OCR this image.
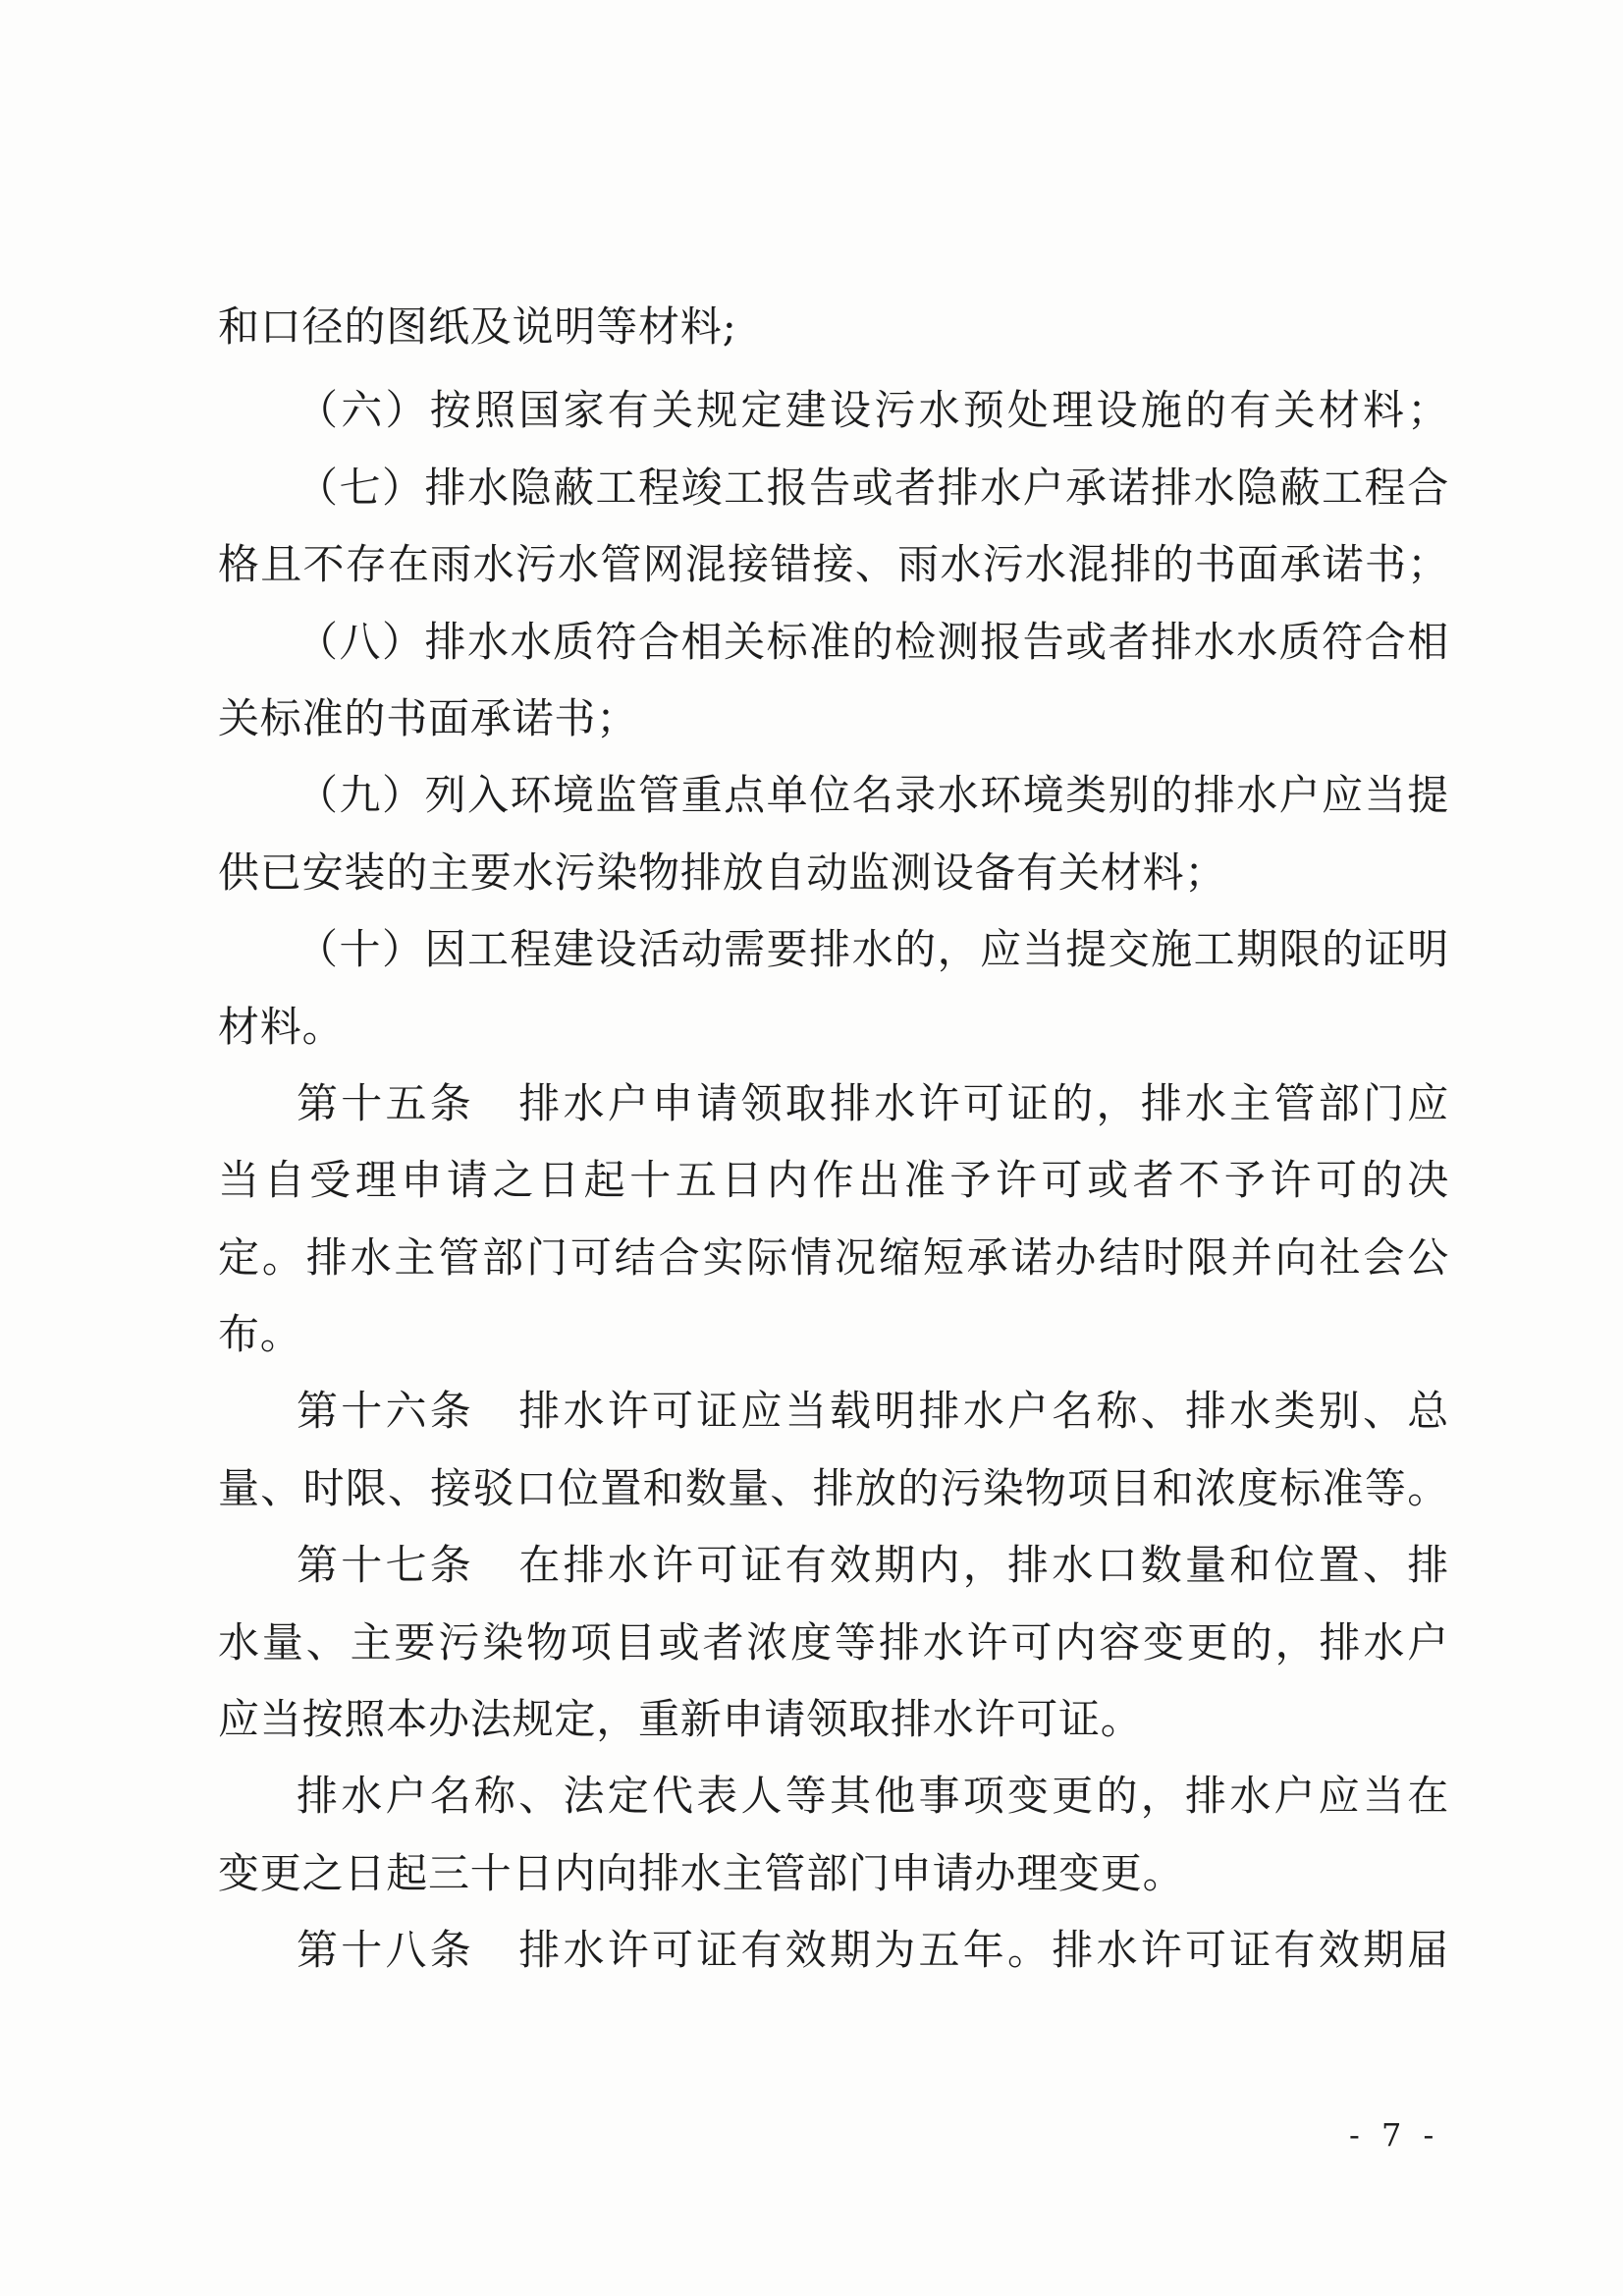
和口径的图纸及说明等材料;
（六）按照国家有关规定建设污水预处理设施的有关材料；
（七）排水隐蔽工程竣工报告或者排水户承诺排水隐蔽工程合
格且不存在雨水污水管网混接错接、雨水污水混排的书面承诺书；
（八）排水水质符合相关标准的检测报告或者排水水质符合相
关标准的书面承诺书；
（九）列入环境监管重点单位名录水环境类别的排水户应当提
供已安装的主要水污染物排放自动监测设备有关材料；
（十）因工程建设活动需要排水的，应当提交施工期限的证明
材料。
第十五条　排水户申请领取排水许可证的，排水主管部门应
当自受理申请之日起十五日内作出准予许可或者不予许可的决
定。排水主管部门可结合实际情况缩短承诺办结时限并向社会公
布。
第十六条　排水许可证应当载明排水户名称、排水类别、总
量、时限、接驳口位置和数量、排放的污染物项目和浓度标准等。
第十七条　在排水许可证有效期内，排水口数量和位置、排
水量、主要污染物项目或者浓度等排水许可内容变更的，排水户
应当按照本办法规定，重新申请领取排水许可证。
排水户名称、法定代表人等其他事项变更的，排水户应当在
变更之日起三十日内向排水主管部门申请办理变更。
第十八条　排水许可证有效期为五年。排水许可证有效期届
- 7 -
